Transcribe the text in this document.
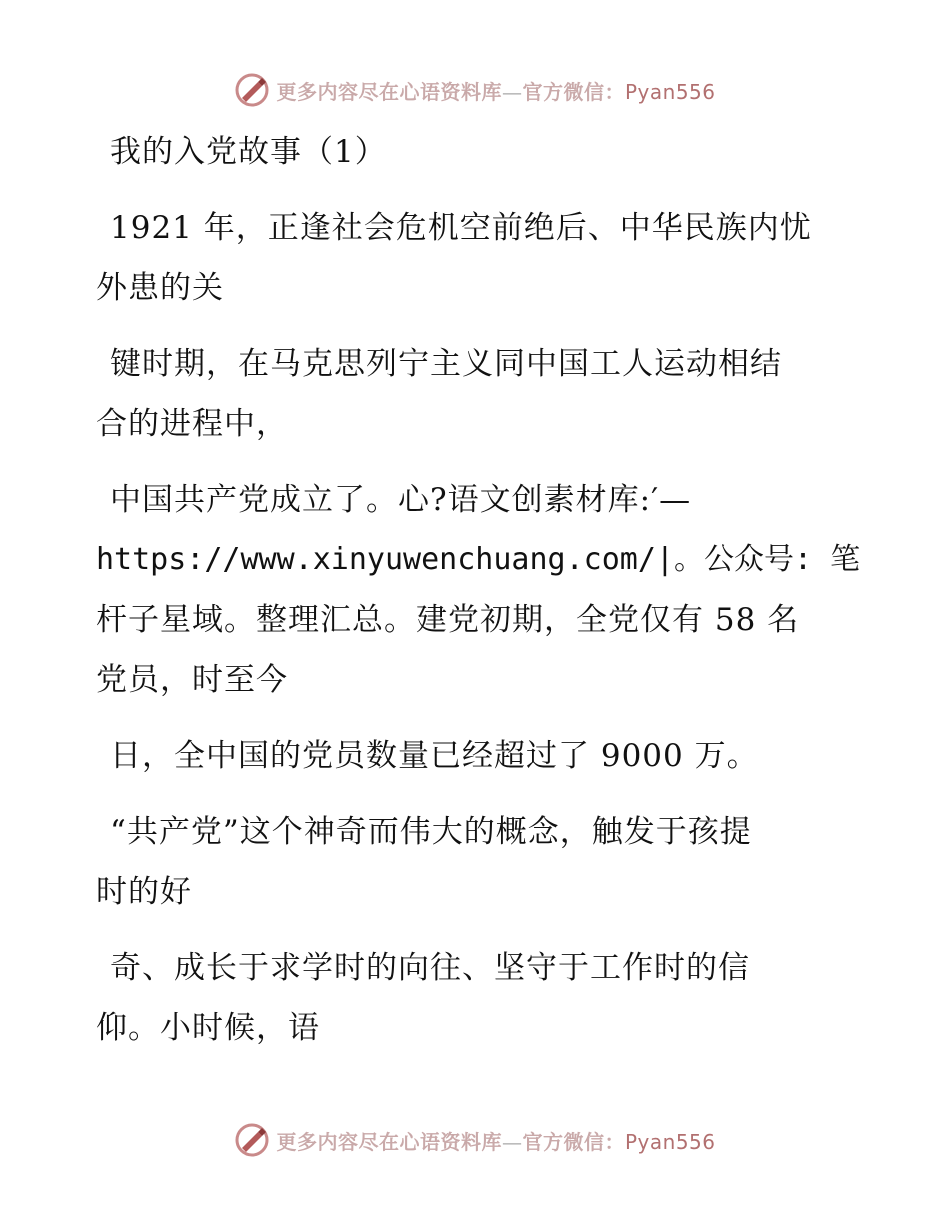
更多内容尽在心语资料库—官方微信：Pyan556
我的入党故事（1）
1921 年，正逢社会危机空前绝后、中华民族内忧
外患的关
键时期，在马克思列宁主义同中国工人运动相结
合的进程中，
中国共产党成立了。心?语文创素材库:′—
https://www.xinyuwenchuang.com/|。公众号: 笔
杆子星域。整理汇总。建党初期，全党仅有 58 名
党员，时至今
日，全中国的党员数量已经超过了 9000 万。
“共产党”这个神奇而伟大的概念，触发于孩提
时的好
奇、成长于求学时的向往、坚守于工作时的信
仰。小时候，语
更多内容尽在心语资料库—官方微信：Pyan556
